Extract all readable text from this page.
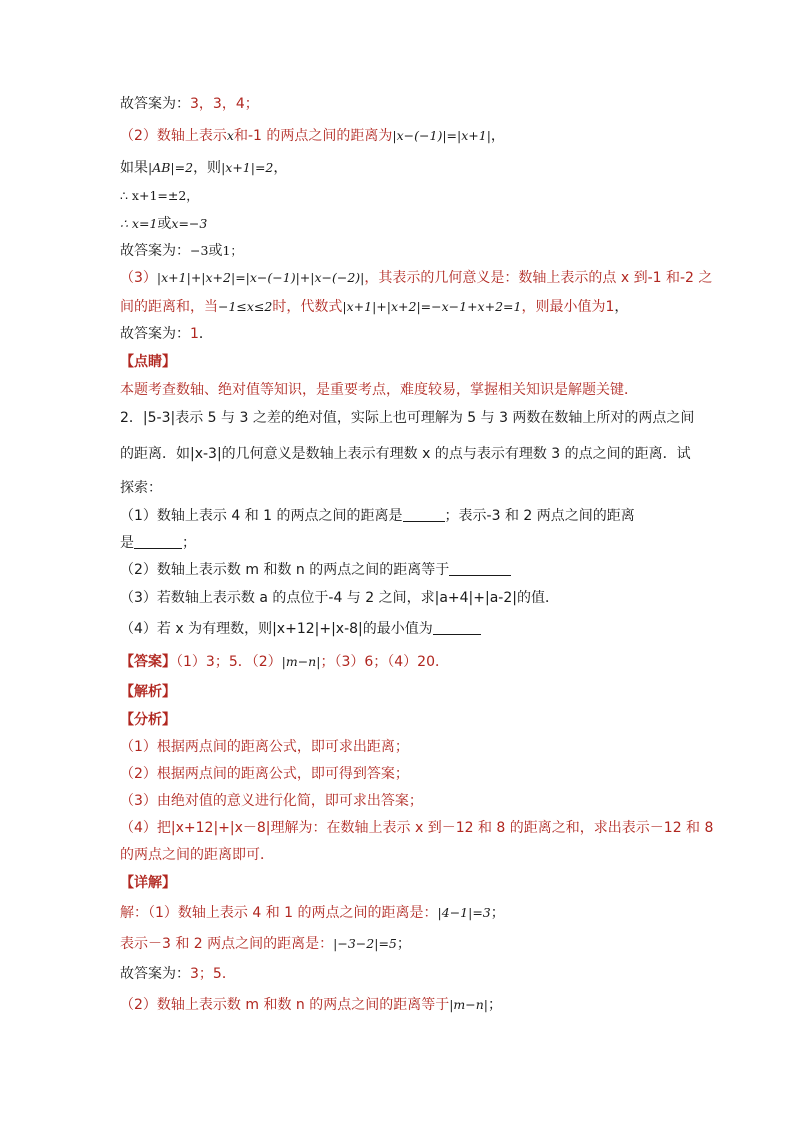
故答案为：3，3，4；
（2）数轴上表示x和-1 的两点之间的距离为|x−(−1)|=|x+1|，
如果|AB|=2，则|x+1|=2，
∴ x+1=±2，
∴ x=1或x=−3
故答案为：−3或1；
（3）|x+1|+|x+2|=|x−(−1)|+|x−(−2)|，其表示的几何意义是：数轴上表示的点 x 到-1 和-2 之
间的距离和，当−1≤x≤2时，代数式|x+1|+|x+2|=−x−1+x+2=1，则最小值为1，
故答案为：1．
【点睛】
本题考查数轴、绝对值等知识，是重要考点，难度较易，掌握相关知识是解题关键．
2．|5-3|表示 5 与 3 之差的绝对值，实际上也可理解为 5 与 3 两数在数轴上所对的两点之间
的距离．如|x-3|的几何意义是数轴上表示有理数 x 的点与表示有理数 3 的点之间的距离．试
探索：
（1）数轴上表示 4 和 1 的两点之间的距离是	；表示-3 和 2 两点之间的距离
是	；
（2）数轴上表示数 m 和数 n 的两点之间的距离等于
（3）若数轴上表示数 a 的点位于-4 与 2 之间，求|a+4|+|a-2|的值．
（4）若 x 为有理数，则|x+12|+|x-8|的最小值为
【答案】（1）3；5．（2）|m−n|；（3）6；（4）20．
【解析】
【分析】
（1）根据两点间的距离公式，即可求出距离；
（2）根据两点间的距离公式，即可得到答案；
（3）由绝对值的意义进行化简，即可求出答案；
（4）把|x+12|+|x－8|理解为：在数轴上表示 x 到－12 和 8 的距离之和，求出表示－12 和 8
的两点之间的距离即可．
【详解】
解：（1）数轴上表示 4 和 1 的两点之间的距离是：|4−1|=3；
表示－3 和 2 两点之间的距离是：|−3−2|=5；
故答案为：3；5．
（2）数轴上表示数 m 和数 n 的两点之间的距离等于|m−n|；
